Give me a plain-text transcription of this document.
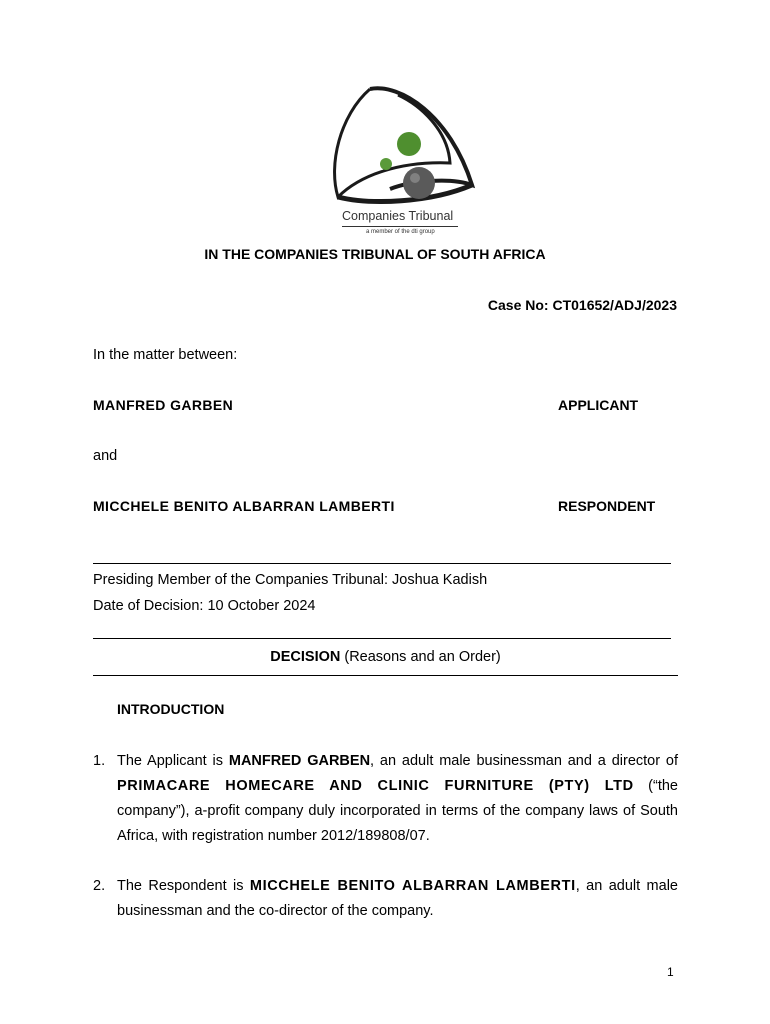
Companies Tribunal
a member of the dti group
IN THE COMPANIES TRIBUNAL OF SOUTH AFRICA
Case No: CT01652/ADJ/2023
In the matter between:
MANFRED GARBEN	APPLICANT
and
MICCHELE BENITO ALBARRAN LAMBERTI	RESPONDENT
Presiding Member of the Companies Tribunal: Joshua Kadish
Date of Decision: 10 October 2024
DECISION (Reasons and an Order)
INTRODUCTION
1. The Applicant is MANFRED GARBEN, an adult male businessman and a director of PRIMACARE HOMECARE AND CLINIC FURNITURE (PTY) LTD (“the company”), a-profit company duly incorporated in terms of the company laws of South Africa, with registration number 2012/189808/07.
2. The Respondent is MICCHELE BENITO ALBARRAN LAMBERTI, an adult male businessman and the co-director of the company.
1
